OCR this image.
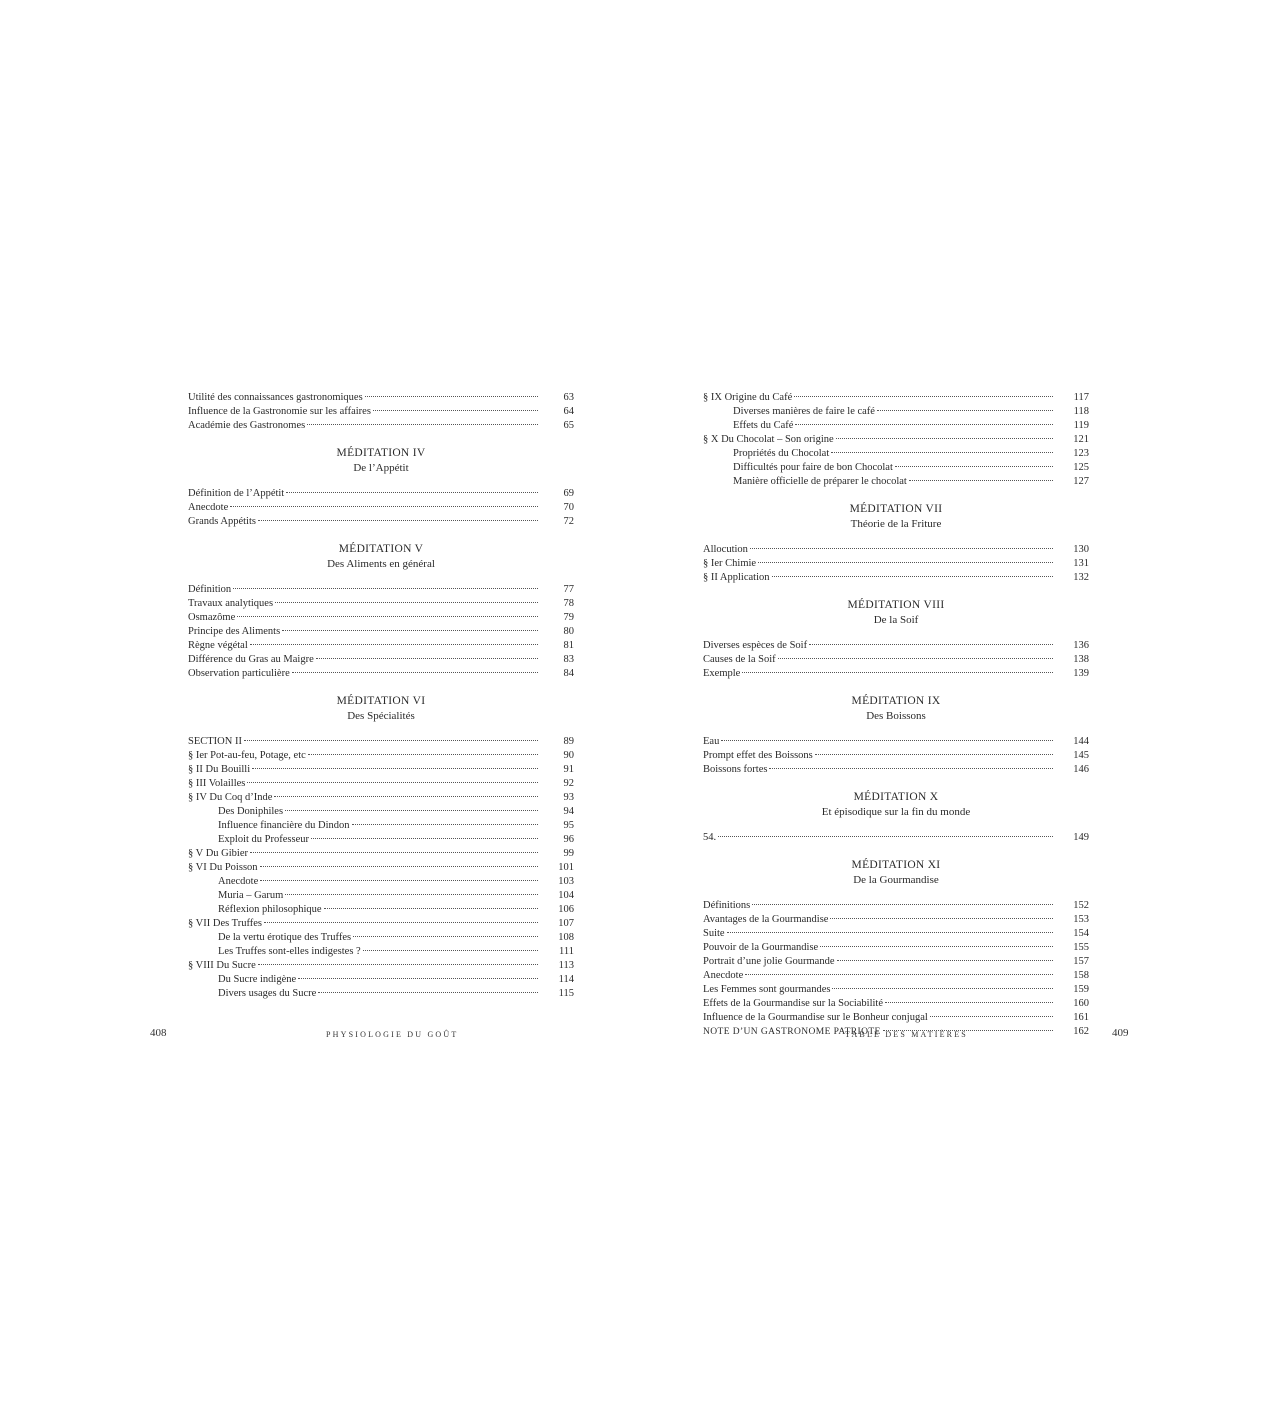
Utilité des connaissances gastronomiques	63
Influence de la Gastronomie sur les affaires	64
Académie des Gastronomes	65
MÉDITATION IV
De l’Appétit
Définition de l’Appétit	69
Anecdote	70
Grands Appétits	72
MÉDITATION V
Des Aliments en général
Définition	77
Travaux analytiques	78
Osmazôme	79
Principe des Aliments	80
Règne végétal	81
Différence du Gras au Maigre	83
Observation particulière	84
MÉDITATION VI
Des Spécialités
SECTION II	89
§ Ier Pot-au-feu, Potage, etc	90
§ II Du Bouilli	91
§ III Volailles	92
§ IV Du Coq d’Inde	93
Des Doniphiles	94
Influence financière du Dindon	95
Exploit du Professeur	96
§ V Du Gibier	99
§ VI Du Poisson	101
Anecdote	103
Muria – Garum	104
Réflexion philosophique	106
§ VII Des Truffes	107
De la vertu érotique des Truffes	108
Les Truffes sont-elles indigestes ?	111
§ VIII Du Sucre	113
Du Sucre indigène	114
Divers usages du Sucre	115
§ IX Origine du Café	117
Diverses manières de faire le café	118
Effets du Café	119
§ X Du Chocolat – Son origine	121
Propriétés du Chocolat	123
Difficultés pour faire de bon Chocolat	125
Manière officielle de préparer le chocolat	127
MÉDITATION VII
Théorie de la Friture
Allocution	130
§ Ier Chimie	131
§ II Application	132
MÉDITATION VIII
De la Soif
Diverses espèces de Soif	136
Causes de la Soif	138
Exemple	139
MÉDITATION IX
Des Boissons
Eau	144
Prompt effet des Boissons	145
Boissons fortes	146
MÉDITATION X
Et épisodique sur la fin du monde
54.	149
MÉDITATION XI
De la Gourmandise
Définitions	152
Avantages de la Gourmandise	153
Suite	154
Pouvoir de la Gourmandise	155
Portrait d’une jolie Gourmande	157
Anecdote	158
Les Femmes sont gourmandes	159
Effets de la Gourmandise sur la Sociabilité	160
Influence de la Gourmandise sur le Bonheur conjugal	161
NOTE D’UN GASTRONOME PATRIOTE	162
408	PHYSIOLOGIE DU GOÛT	TABLE DES MATIÈRES	409
